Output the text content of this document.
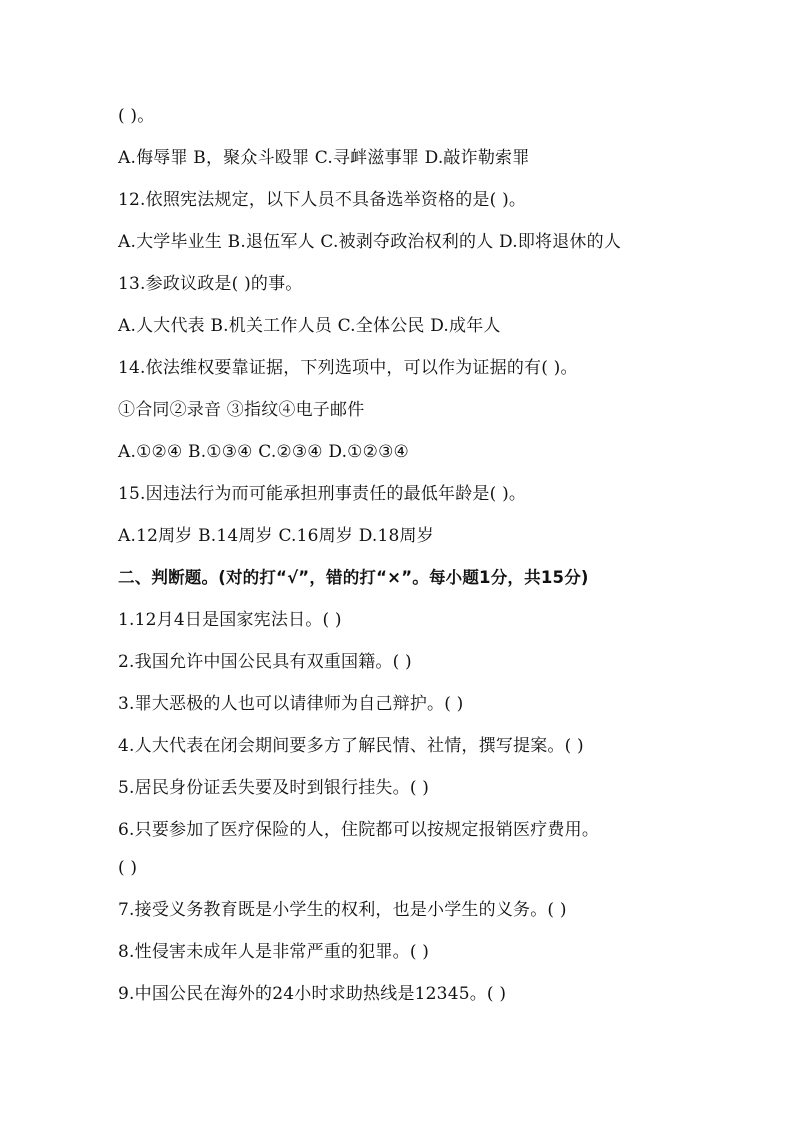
( )。
A.侮辱罪 B，聚众斗殴罪 C.寻衅滋事罪 D.敲诈勒索罪
12.依照宪法规定，以下人员不具备选举资格的是( )。
A.大学毕业生 B.退伍军人 C.被剥夺政治权利的人 D.即将退休的人
13.参政议政是( )的事。
A.人大代表 B.机关工作人员 C.全体公民 D.成年人
14.依法维权要靠证据，下列选项中，可以作为证据的有( )。
①合同②录音 ③指纹④电子邮件
A.①②④ B.①③④ C.②③④ D.①②③④
15.因违法行为而可能承担刑事责任的最低年龄是( )。
A.12周岁 B.14周岁 C.16周岁 D.18周岁
二、判断题。(对的打“√”，错的打“×”。每小题1分，共15分)
1.12月4日是国家宪法日。( )
2.我国允许中国公民具有双重国籍。( )
3.罪大恶极的人也可以请律师为自己辩护。( )
4.人大代表在闭会期间要多方了解民情、社情，撰写提案。( )
5.居民身份证丢失要及时到银行挂失。( )
6.只要参加了医疗保险的人，住院都可以按规定报销医疗费用。
( )
7.接受义务教育既是小学生的权利，也是小学生的义务。( )
8.性侵害未成年人是非常严重的犯罪。( )
9.中国公民在海外的24小时求助热线是12345。( )
